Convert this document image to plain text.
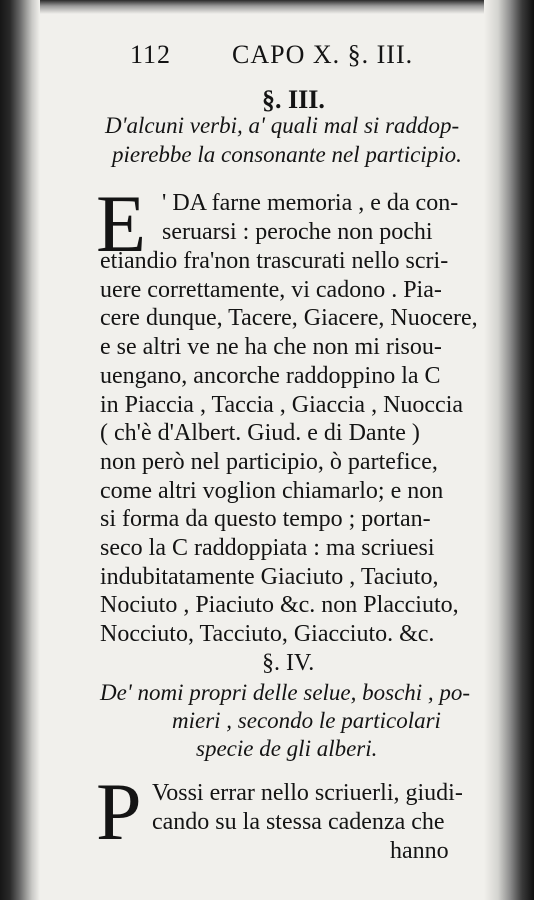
112 CAPO X. §. III.
§. III.
D'alcuni verbi, a' quali mal si raddop-
pierebbe la consonante nel participio.
E ' DA farne memoria , e da con-
seruarsi : peroche non pochi
etiandio fra'non trascurati nello scri-
uere correttamente, vi cadono . Pia-
cere dunque, Tacere, Giacere, Nuocere,
e se altri ve ne ha che non mi risou-
uengano, ancorche raddoppino la C
in Piaccia , Taccia , Giaccia , Nuoccia
( ch'è d'Albert. Giud. e di Dante )
non però nel participio, ò partefice,
come altri voglion chiamarlo; e non
si forma da questo tempo ; portan-
seco la C raddoppiata : ma scriuesi
indubitatamente Giaciuto , Taciuto,
Nociuto , Piaciuto &c. non Placciuto,
Nocciuto, Tacciuto, Giacciuto. &c.
§. IV.
De' nomi propri delle selue, boschi , po-
mieri , secondo le particolari
specie de gli alberi.
P Vossi errar nello scriuerli, giudi-
cando su la stessa cadenza che
hanno
